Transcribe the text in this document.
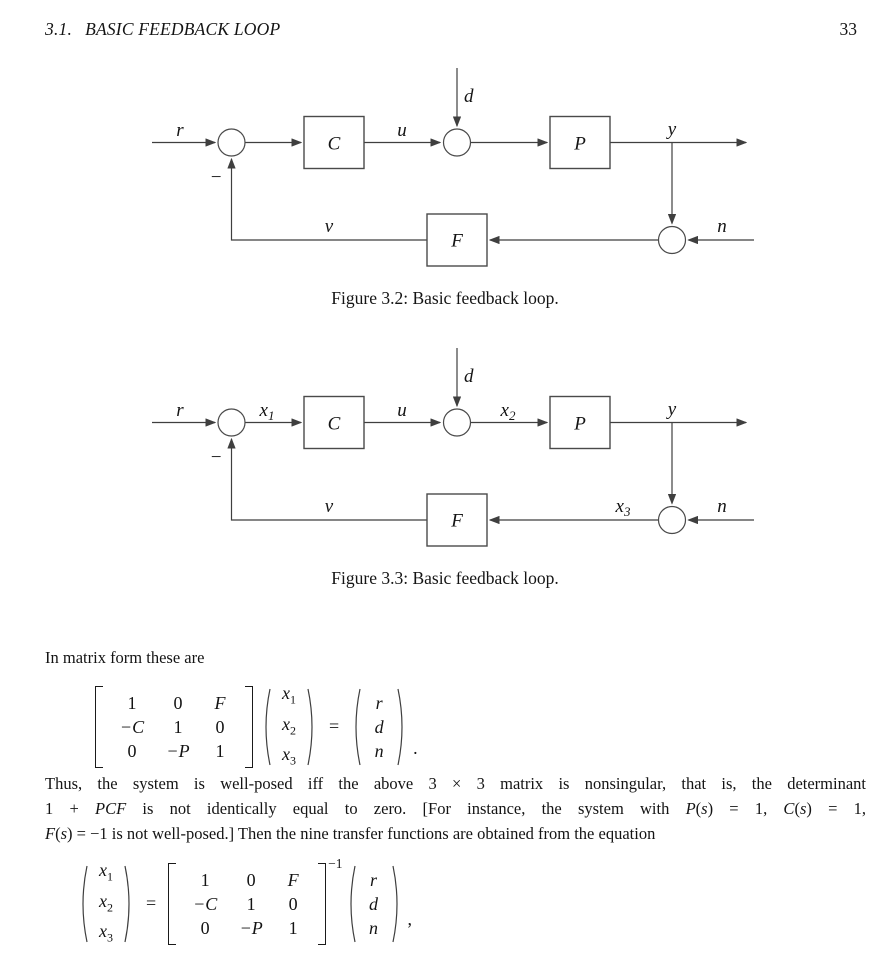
3.1. BASIC FEEDBACK LOOP	33
C	P
F
r	u
d
y
n
v
−
Figure 3.2: Basic feedback loop.
C	P
F
r	u
d
y
n
v
−
$x_1$	$x_2$
$x_3$
Figure 3.3: Basic feedback loop.
In matrix form these are
1	0	F
−C	1	0
0	−P	1
$x_1$
$x_2$
$x_3$
=
r
d
n .
Thus, the system is well-posed iff the above 3 × 3 matrix is nonsingular, that is, the determinant
1 + PCF is not identically equal to zero. [For instance, the system with P(s) = 1, C(s) = 1,
F(s) = −1 is not well-posed.] Then the nine transfer functions are obtained from the equation
$x_1$
$x_2$
$x_3$
=
1	0	F
−C	1	0
0	−P	1
−1
r
d
n ,
